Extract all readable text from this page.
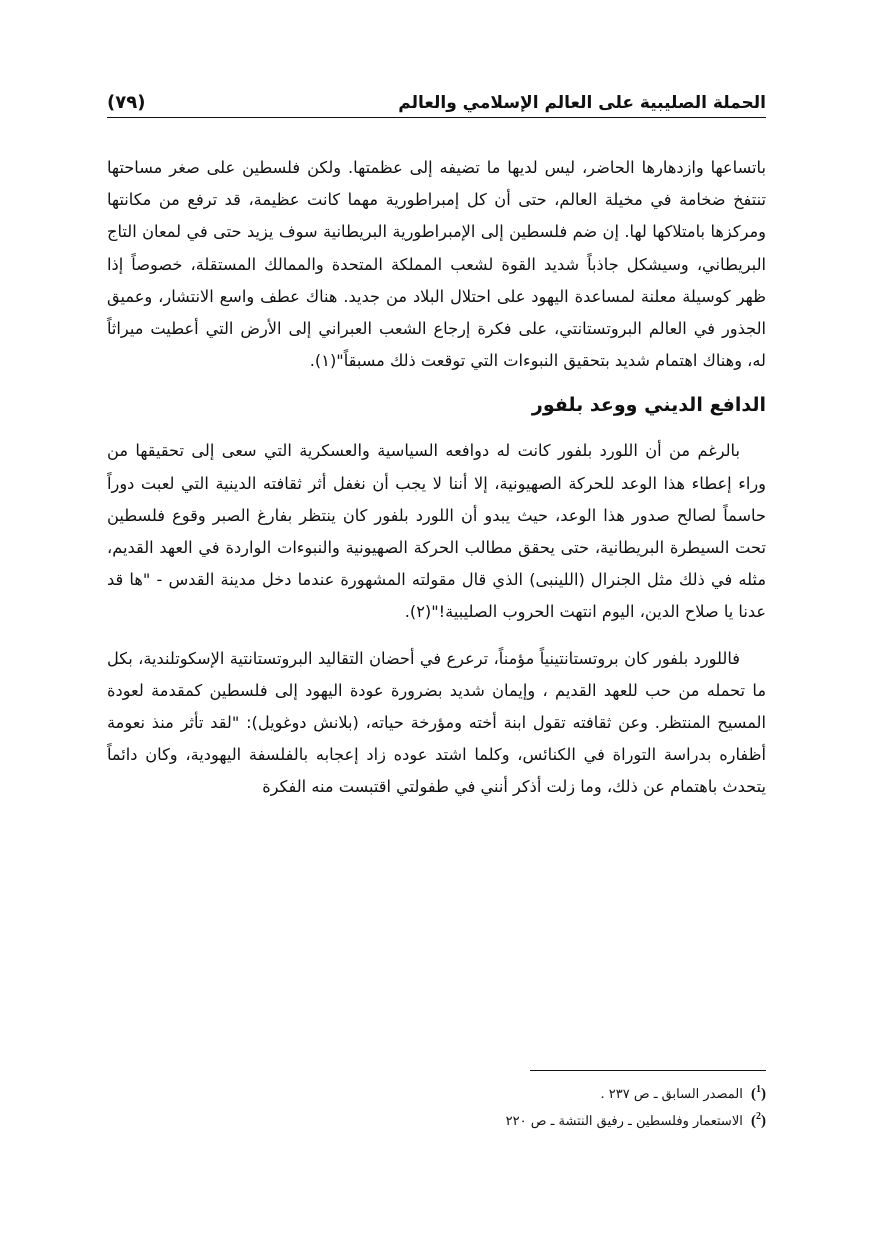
الحملة الصليبية على العالم الإسلامي والعالم
(٧٩)

باتساعها وازدهارها الحاضر، ليس لديها ما تضيفه إلى عظمتها. ولكن فلسطين على صغر مساحتها تنتفخ ضخامة في مخيلة العالم، حتى أن كل إمبراطورية مهما كانت عظيمة، قد ترفع من مكانتها ومركزها بامتلاكها لها. إن ضم فلسطين إلى الإمبراطورية البريطانية سوف يزيد حتى في لمعان التاج البريطاني، وسيشكل جاذباً شديد القوة لشعب المملكة المتحدة والممالك المستقلة، خصوصاً إذا ظهر كوسيلة معلنة لمساعدة اليهود على احتلال البلاد من جديد. هناك عطف واسع الانتشار، وعميق الجذور في العالم البروتستانتي، على فكرة إرجاع الشعب العبراني إلى الأرض التي أعطيت ميراثاً له، وهناك اهتمام شديد بتحقيق النبوءات التي توقعت ذلك مسبقاً"(١).

الدافع الديني ووعد بلفور

بالرغم من أن اللورد بلفور كانت له دوافعه السياسية والعسكرية التي سعى إلى تحقيقها من وراء إعطاء هذا الوعد للحركة الصهيونية، إلا أننا لا يجب أن نغفل أثر ثقافته الدينية التي لعبت دوراً حاسماً لصالح صدور هذا الوعد، حيث يبدو أن اللورد بلفور كان ينتظر بفارغ الصبر وقوع فلسطين تحت السيطرة البريطانية، حتى يحقق مطالب الحركة الصهيونية والنبوءات الواردة في العهد القديم، مثله في ذلك مثل الجنرال (اللينبى) الذي قال مقولته المشهورة عندما دخل مدينة القدس - "ها قد عدنا يا صلاح الدين، اليوم انتهت الحروب الصليبية!"(٢).

فاللورد بلفور كان بروتستانتينياً مؤمناً، ترعرع في أحضان التقاليد البروتستانتية الإسكوتلندية، بكل ما تحمله من حب للعهد القديم ، وإيمان شديد بضرورة عودة اليهود إلى فلسطين كمقدمة لعودة المسيح المنتظر. وعن ثقافته تقول ابنة أخته ومؤرخة حياته، (بلانش دوغويل): "لقد تأثر منذ نعومة أظفاره بدراسة التوراة في الكنائس، وكلما اشتد عوده زاد إعجابه بالفلسفة اليهودية، وكان دائماً يتحدث باهتمام عن ذلك، وما زلت أذكر أنني في طفولتي اقتبست منه الفكرة

($^1$) المصدر السابق ـ ص ٢٣٧ .
($^2$) الاستعمار وفلسطين ـ رفيق النتشة ـ ص ٢٢٠
